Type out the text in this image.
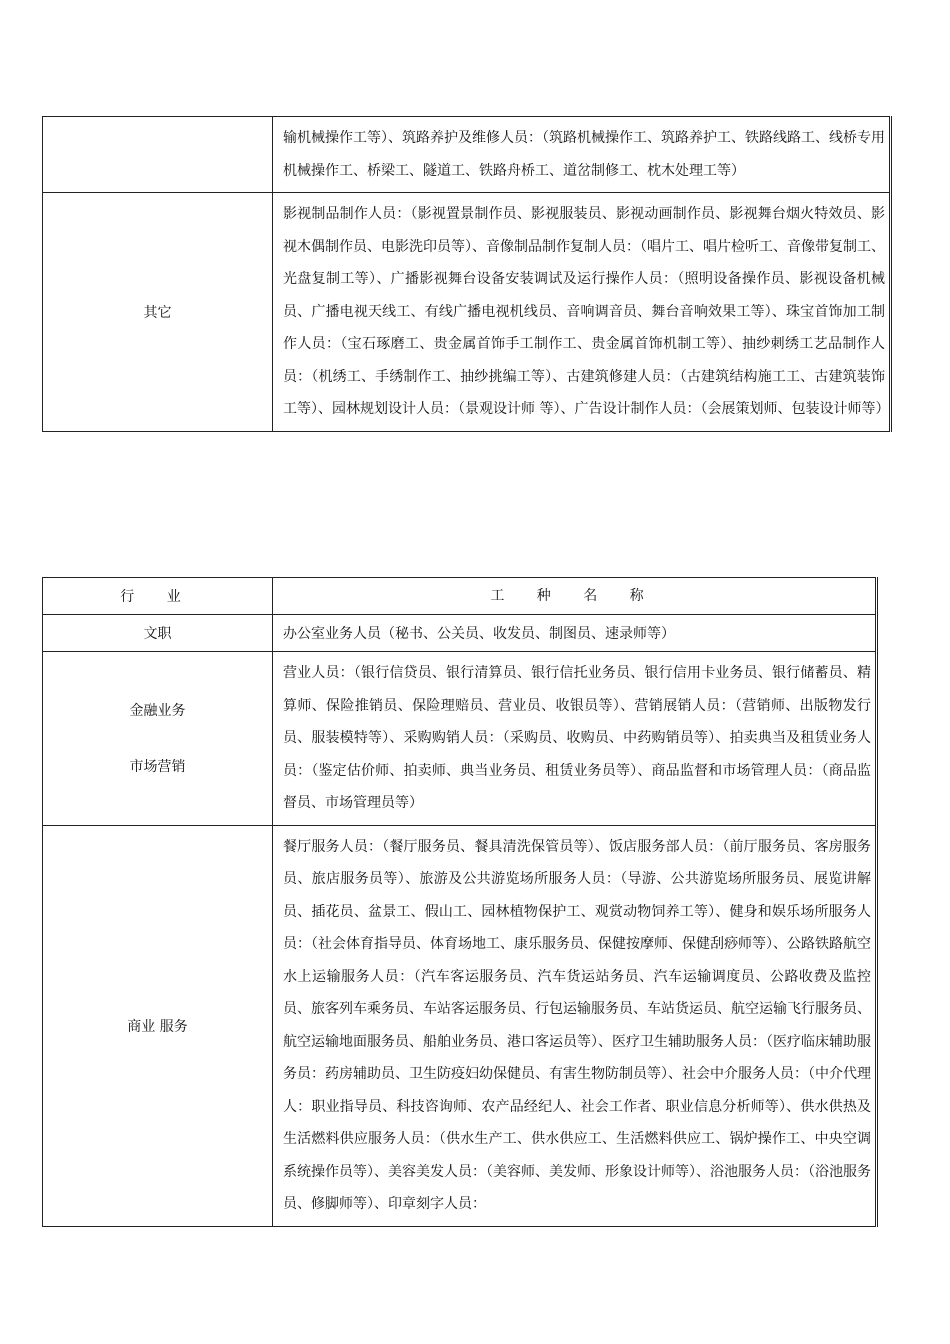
	输机械操作工等）、筑路养护及维修人员：（筑路机械操作工、筑路养护工、铁路线路工、线桥专用机械操作工、桥梁工、隧道工、铁路舟桥工、道岔制修工、枕木处理工等）
其它	影视制品制作人员：（影视置景制作员、影视服装员、影视动画制作员、影视舞台烟火特效员、影视木偶制作员、电影洗印员等）、音像制品制作复制人员：（唱片工、唱片检听工、音像带复制工、光盘复制工等）、广播影视舞台设备安装调试及运行操作人员：（照明设备操作员、影视设备机械员、广播电视天线工、有线广播电视机线员、音响调音员、舞台音响效果工等）、珠宝首饰加工制作人员：（宝石琢磨工、贵金属首饰手工制作工、贵金属首饰机制工等）、抽纱刺绣工艺品制作人员：（机绣工、手绣制作工、抽纱挑编工等）、古建筑修建人员：（古建筑结构施工工、古建筑装饰工等）、园林规划设计人员：（景观设计师 等）、广告设计制作人员：（会展策划师、包装设计师等）
行 业	工 种 名 称
文职	办公室业务人员（秘书、公关员、收发员、制图员、速录师等）

金融业务
市场营销	营业人员：（银行信贷员、银行清算员、银行信托业务员、银行信用卡业务员、银行储蓄员、精算师、保险推销员、保险理赔员、营业员、收银员等）、营销展销人员：（营销师、出版物发行员、服装模特等）、采购购销人员：（采购员、收购员、中药购销员等）、拍卖典当及租赁业务人员：（鉴定估价师、拍卖师、典当业务员、租赁业务员等）、商品监督和市场管理人员：（商品监督员、市场管理员等）
商业 服务	餐厅服务人员：（餐厅服务员、餐具清洗保管员等）、饭店服务部人员：（前厅服务员、客房服务员、旅店服务员等）、旅游及公共游览场所服务人员：（导游、公共游览场所服务员、展览讲解员、插花员、盆景工、假山工、园林植物保护工、观赏动物饲养工等）、健身和娱乐场所服务人员：（社会体育指导员、体育场地工、康乐服务员、保健按摩师、保健刮痧师等）、公路铁路航空水上运输服务人员：（汽车客运服务员、汽车货运站务员、汽车运输调度员、公路收费及监控员、旅客列车乘务员、车站客运服务员、行包运输服务员、车站货运员、航空运输飞行服务员、航空运输地面服务员、船舶业务员、港口客运员等）、医疗卫生辅助服务人员：（医疗临床辅助服务员：药房辅助员、卫生防疫妇幼保健员、有害生物防制员等）、社会中介服务人员：（中介代理人：职业指导员、科技咨询师、农产品经纪人、社会工作者、职业信息分析师等）、供水供热及生活燃料供应服务人员：（供水生产工、供水供应工、生活燃料供应工、锅炉操作工、中央空调系统操作员等）、美容美发人员：（美容师、美发师、形象设计师等）、浴池服务人员：（浴池服务员、修脚师等）、印章刻字人员：
